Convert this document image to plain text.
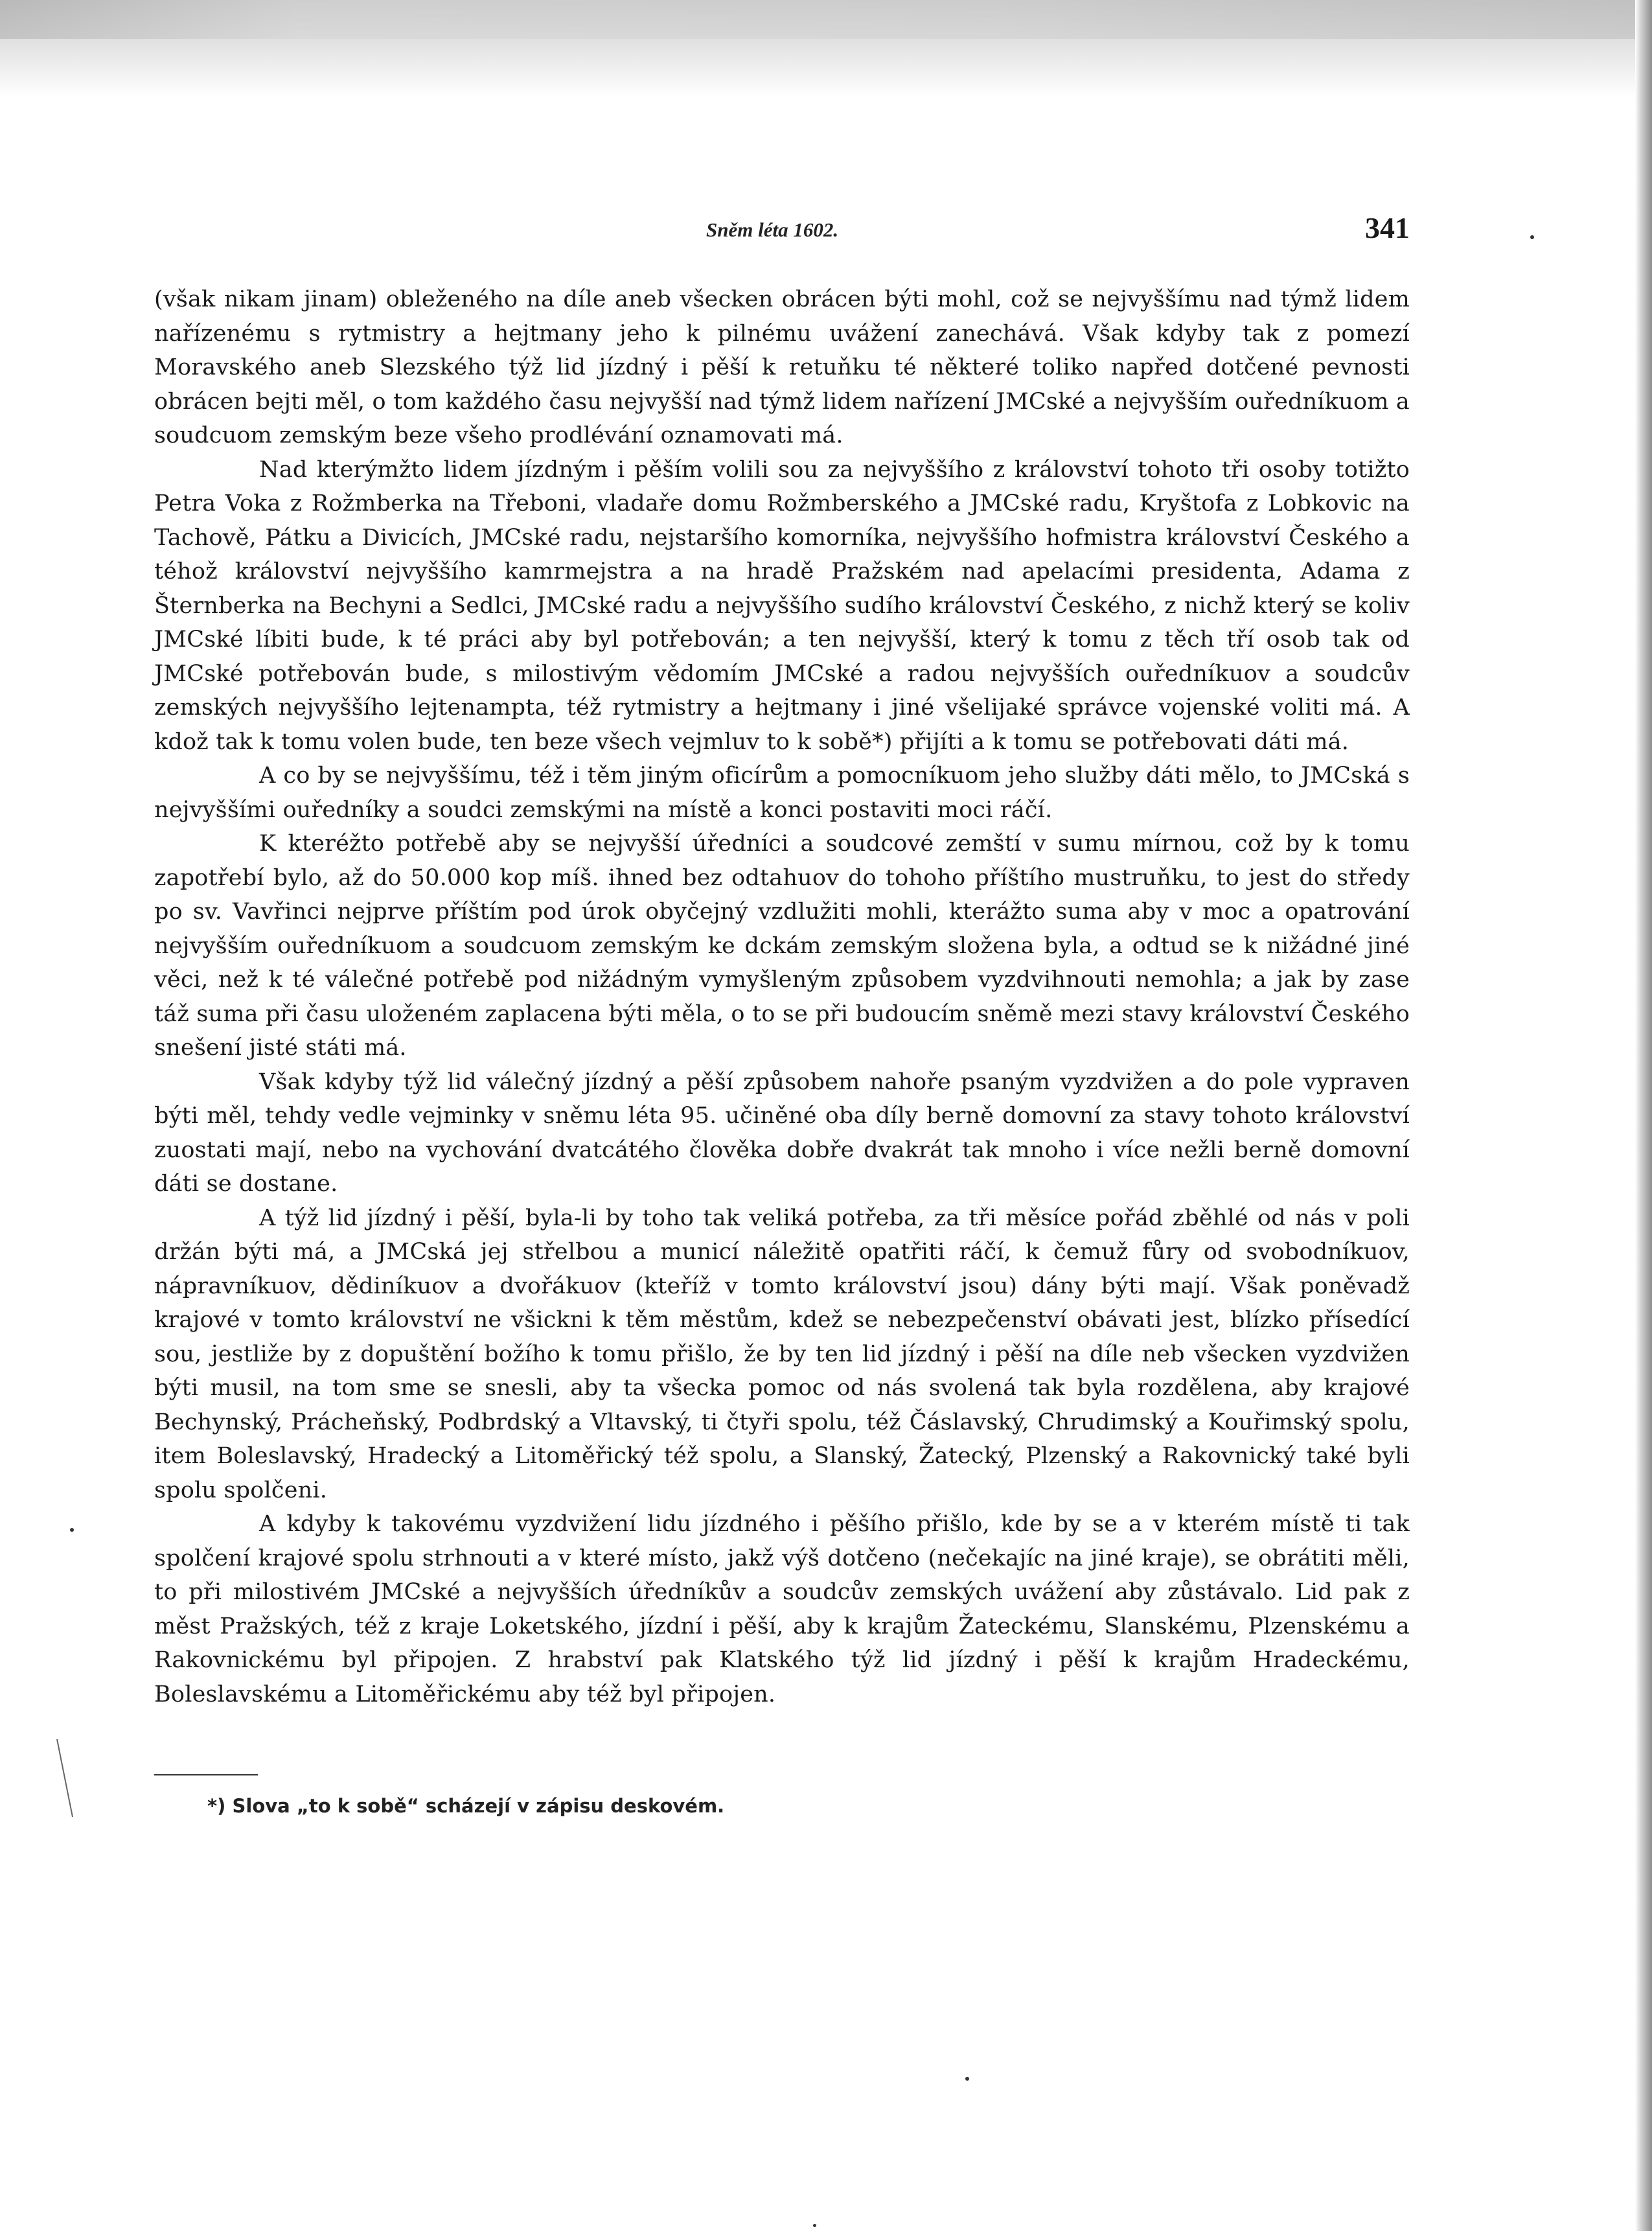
Sněm léta 1602.	341

(však nikam jinam) obleženého na díle aneb všecken obrácen býti mohl, což se nejvyššímu nad týmž lidem nařízenému s rytmistry a hejtmany jeho k pilnému uvážení zanechává. Však kdyby tak z pomezí Moravského aneb Slezského týž lid jízdný i pěší k retuňku té některé toliko napřed dotčené pevnosti obrácen bejti měl, o tom každého času nejvyšší nad týmž lidem nařízení JMCské a nejvyšším ouředníkuom a soudcuom zemským beze všeho prodlévání oznamovati má.

Nad kterýmžto lidem jízdným i pěším volili sou za nejvyššího z království tohoto tři osoby totižto Petra Voka z Rožmberka na Třeboni, vladaře domu Rožmberského a JMCské radu, Kryštofa z Lobkovic na Tachově, Pátku a Divicích, JMCské radu, nejstaršího komorníka, nejvyššího hofmistra království Českého a téhož království nejvyššího kamrmejstra a na hradě Pražském nad apelacími presidenta, Adama z Šternberka na Bechyni a Sedlci, JMCské radu a nejvyššího sudího království Českého, z nichž který se koliv JMCské líbiti bude, k té práci aby byl potřebován; a ten nejvyšší, který k tomu z těch tří osob tak od JMCské potřebován bude, s milostivým vědomím JMCské a radou nejvyšších ouředníkuov a soudcův zemských nejvyššího lejtenampta, též rytmistry a hejtmany i jiné všelijaké správce vojenské voliti má. A kdož tak k tomu volen bude, ten beze všech vejmluv to k sobě*) přijíti a k tomu se potřebovati dáti má.

A co by se nejvyššímu, též i těm jiným oficírům a pomocníkuom jeho služby dáti mělo, to JMCská s nejvyššími ouředníky a soudci zemskými na místě a konci postaviti moci ráčí.

K kteréžto potřebě aby se nejvyšší úředníci a soudcové zemští v sumu mírnou, což by k tomu zapotřebí bylo, až do 50.000 kop míš. ihned bez odtahuov do tohoho příštího mustruňku, to jest do středy po sv. Vavřinci nejprve příštím pod úrok obyčejný vzdlužiti mohli, kterážto suma aby v moc a opatrování nejvyšším ouředníkuom a soudcuom zemským ke dckám zemským složena byla, a odtud se k nižádné jiné věci, než k té válečné potřebě pod nižádným vymyšleným způsobem vyzdvihnouti nemohla; a jak by zase táž suma při času uloženém zaplacena býti měla, o to se při budoucím sněmě mezi stavy království Českého snešení jisté státi má.

Však kdyby týž lid válečný jízdný a pěší způsobem nahoře psaným vyzdvižen a do pole vypraven býti měl, tehdy vedle vejminky v sněmu léta 95. učiněné oba díly berně domovní za stavy tohoto království zuostati mají, nebo na vychování dvatcátého člověka dobře dvakrát tak mnoho i více nežli berně domovní dáti se dostane.

A týž lid jízdný i pěší, byla-li by toho tak veliká potřeba, za tři měsíce pořád zběhlé od nás v poli držán býti má, a JMCská jej střelbou a municí náležitě opatřiti ráčí, k čemuž fůry od svobodníkuov, nápravníkuov, dědiníkuov a dvořákuov (kteříž v tomto království jsou) dány býti mají. Však poněvadž krajové v tomto království ne všickni k těm městům, kdež se nebezpečenství obávati jest, blízko přísedící sou, jestliže by z dopuštění božího k tomu přišlo, že by ten lid jízdný i pěší na díle neb všecken vyzdvižen býti musil, na tom sme se snesli, aby ta všecka pomoc od nás svolená tak byla rozdělena, aby krajové Bechynský, Prácheňský, Podbrdský a Vltavský, ti čtyři spolu, též Čáslavský, Chrudimský a Kouřimský spolu, item Boleslavský, Hradecký a Litoměřický též spolu, a Slanský, Žatecký, Plzenský a Rakovnický také byli spolu spolčeni.

A kdyby k takovému vyzdvižení lidu jízdného i pěšího přišlo, kde by se a v kterém místě ti tak spolčení krajové spolu strhnouti a v které místo, jakž výš dotčeno (nečekajíc na jiné kraje), se obrátiti měli, to při milostivém JMCské a nejvyšších úředníkův a soudcův zemských uvážení aby zůstávalo. Lid pak z měst Pražských, též z kraje Loketského, jízdní i pěší, aby k krajům Žateckému, Slanskému, Plzenskému a Rakovnickému byl připojen. Z hrabství pak Klatského týž lid jízdný i pěší k krajům Hradeckému, Boleslavskému a Litoměřickému aby též byl připojen.

*) Slova „to k sobě“ scházejí v zápisu deskovém.
